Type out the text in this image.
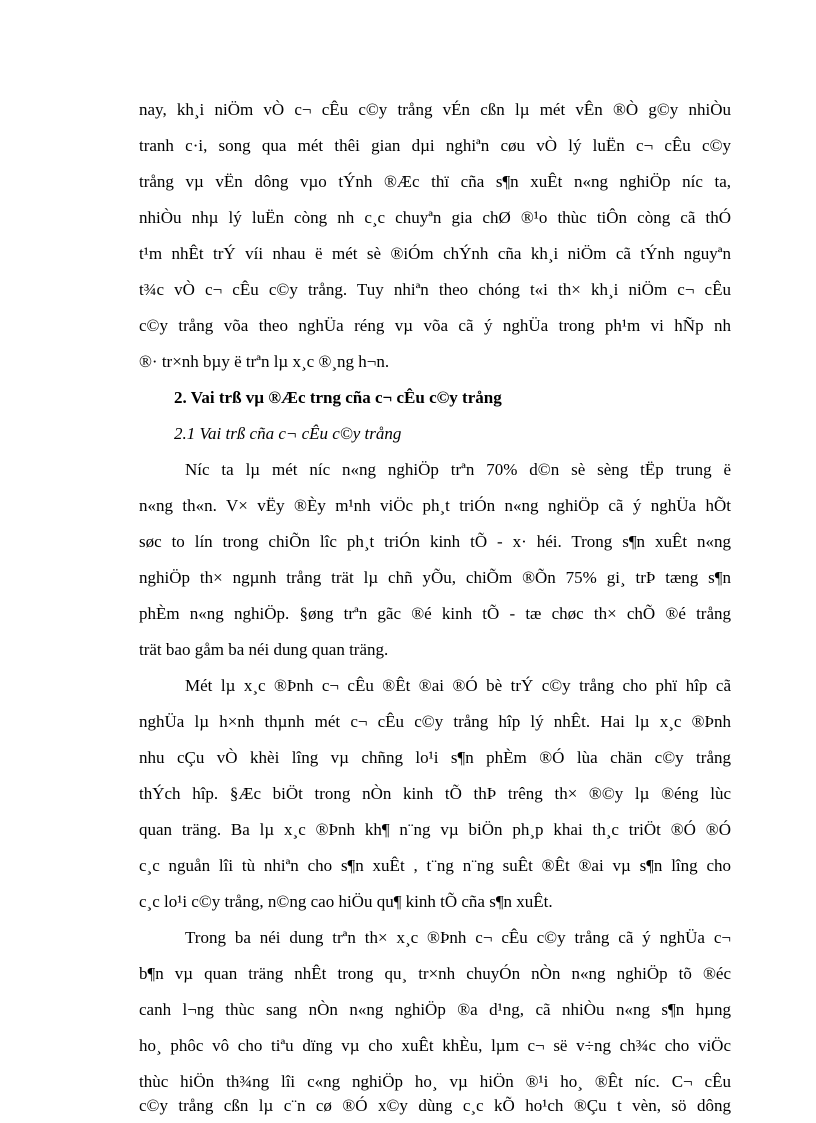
nay, kh¸i niÖm vÒ c¬ cÊu c©y trång vÉn cßn lµ mét vÊn ®Ò g©y nhiÒu
tranh c·i, song qua mét thêi gian dµi nghiªn cøu vÒ lý luËn c¬ cÊu c©y
trång vµ vËn dông vµo tÝnh ®Æc thï cña s¶n xuÊt n«ng nghiÖp níc ta,
nhiÒu nhµ lý luËn còng nh c¸c chuyªn gia chØ ®¹o thùc tiÔn còng cã thÓ
t¹m nhÊt trÝ víi nhau ë mét sè ®iÓm chÝnh cña kh¸i niÖm cã tÝnh nguyªn
t¾c vÒ c¬ cÊu c©y trång. Tuy nhiªn theo chóng t«i th× kh¸i niÖm c¬ cÊu
c©y trång võa theo nghÜa réng vµ võa cã ý nghÜa trong ph¹m vi hÑp nh
®· tr×nh bµy ë trªn lµ x¸c ®¸ng h¬n.
2. Vai trß vµ ®Æc trng cña c¬ cÊu c©y trång
2.1 Vai trß cña c¬ cÊu c©y trång
Níc ta lµ mét níc n«ng nghiÖp trªn 70% d©n sè sèng tËp trung ë
n«ng th«n. V× vËy ®Èy m¹nh viÖc ph¸t triÓn n«ng nghiÖp cã ý nghÜa hÕt
søc to lín trong chiÕn lîc ph¸t triÓn kinh tÕ - x· héi. Trong s¶n xuÊt n«ng
nghiÖp th× ngµnh trång trät lµ chñ yÕu, chiÕm ®Õn 75% gi¸ trÞ tæng s¶n
phÈm n«ng nghiÖp. §øng trªn gãc ®é kinh tÕ - tæ chøc th× chÕ ®é trång
trät bao gåm ba néi dung quan träng.
Mét lµ x¸c ®Þnh c¬ cÊu ®Êt ®ai ®Ó bè trÝ c©y trång cho phï hîp cã
nghÜa lµ h×nh thµnh mét c¬ cÊu c©y trång hîp lý nhÊt. Hai lµ x¸c ®Þnh
nhu cÇu vÒ khèi lîng vµ chñng lo¹i s¶n phÈm ®Ó lùa chän c©y trång
thÝch hîp. §Æc biÖt trong nÒn kinh tÕ thÞ trêng th× ®©y lµ ®éng lùc
quan träng. Ba lµ x¸c ®Þnh kh¶ n¨ng vµ biÖn ph¸p khai th¸c triÖt ®Ó ®Ó
c¸c nguån lîi tù nhiªn cho s¶n xuÊt , t¨ng n¨ng suÊt ®Êt ®ai vµ s¶n lîng cho
c¸c lo¹i c©y trång, n©ng cao hiÖu qu¶ kinh tÕ cña s¶n xuÊt.
Trong ba néi dung trªn th× x¸c ®Þnh c¬ cÊu c©y trång cã ý nghÜa c¬
b¶n vµ quan träng nhÊt trong qu¸ tr×nh chuyÓn nÒn n«ng nghiÖp tõ ®éc
canh l¬ng thùc sang nÒn n«ng nghiÖp ®a d¹ng, cã nhiÒu n«ng s¶n hµng
ho¸ phôc vô cho tiªu dïng vµ cho xuÊt khÈu, lµm c¬ së v÷ng ch¾c cho viÖc
thùc hiÖn th¾ng lîi c«ng nghiÖp ho¸ vµ hiÖn ®¹i ho¸ ®Êt níc. C¬ cÊu
c©y trång cßn lµ c¨n cø ®Ó x©y dùng c¸c kÕ ho¹ch ®Çu t vèn, sö dông
